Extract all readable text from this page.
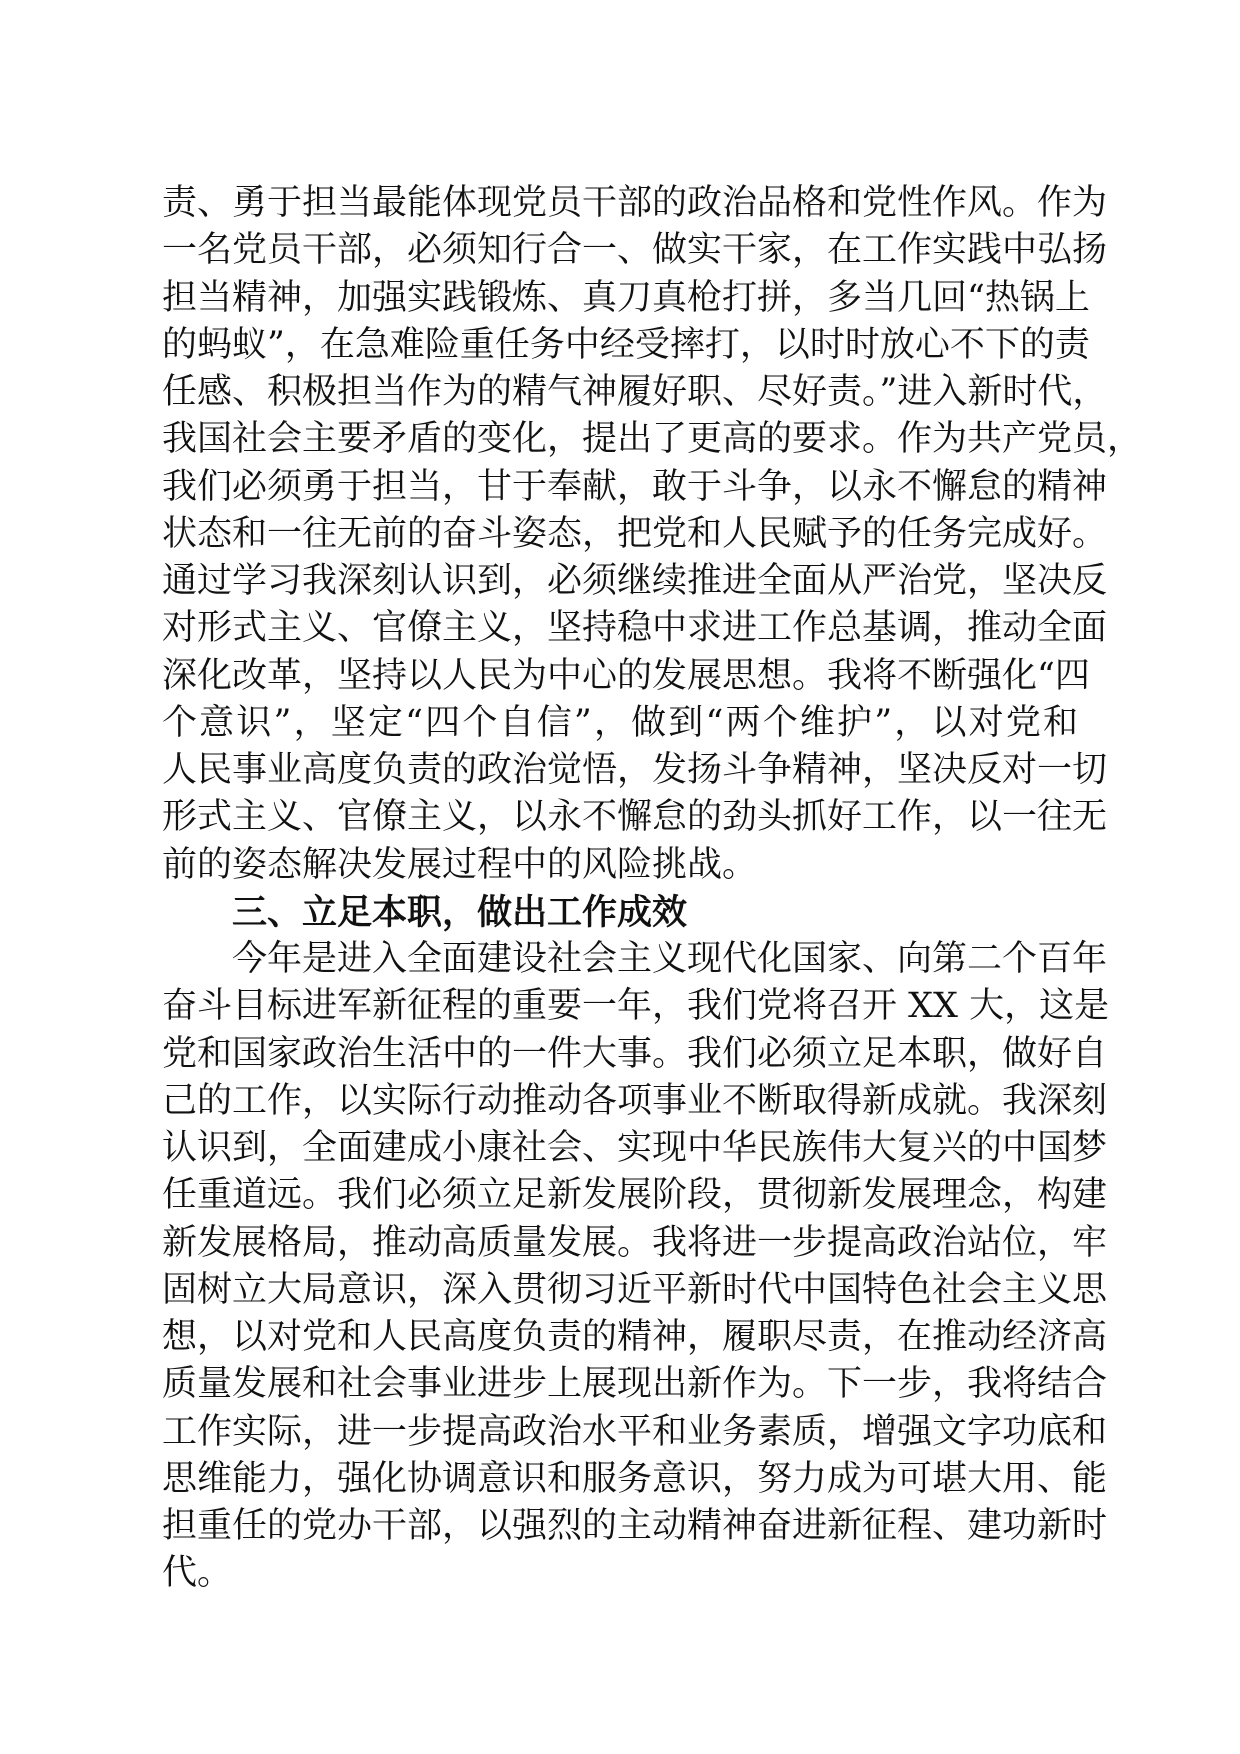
责、勇于担当最能体现党员干部的政治品格和党性作风。作为
一名党员干部，必须知行合一、做实干家，在工作实践中弘扬
担当精神，加强实践锻炼、真刀真枪打拼，多当几回“热锅上
的蚂蚁”，在急难险重任务中经受摔打，以时时放心不下的责
任感、积极担当作为的精气神履好职、尽好责。”进入新时代，
我国社会主要矛盾的变化，提出了更高的要求。作为共产党员，
我们必须勇于担当，甘于奉献，敢于斗争，以永不懈怠的精神
状态和一往无前的奋斗姿态，把党和人民赋予的任务完成好。
通过学习我深刻认识到，必须继续推进全面从严治党，坚决反
对形式主义、官僚主义，坚持稳中求进工作总基调，推动全面
深化改革，坚持以人民为中心的发展思想。我将不断强化“四
个意识”，坚定“四个自信”，做到“两个维护”，以对党和
人民事业高度负责的政治觉悟，发扬斗争精神，坚决反对一切
形式主义、官僚主义，以永不懈怠的劲头抓好工作，以一往无
前的姿态解决发展过程中的风险挑战。
三、立足本职，做出工作成效
今年是进入全面建设社会主义现代化国家、向第二个百年
奋斗目标进军新征程的重要一年，我们党将召开 XX 大，这是
党和国家政治生活中的一件大事。我们必须立足本职，做好自
己的工作，以实际行动推动各项事业不断取得新成就。我深刻
认识到，全面建成小康社会、实现中华民族伟大复兴的中国梦
任重道远。我们必须立足新发展阶段，贯彻新发展理念，构建
新发展格局，推动高质量发展。我将进一步提高政治站位，牢
固树立大局意识，深入贯彻习近平新时代中国特色社会主义思
想，以对党和人民高度负责的精神，履职尽责，在推动经济高
质量发展和社会事业进步上展现出新作为。下一步，我将结合
工作实际，进一步提高政治水平和业务素质，增强文字功底和
思维能力，强化协调意识和服务意识，努力成为可堪大用、能
担重任的党办干部，以强烈的主动精神奋进新征程、建功新时
代。
